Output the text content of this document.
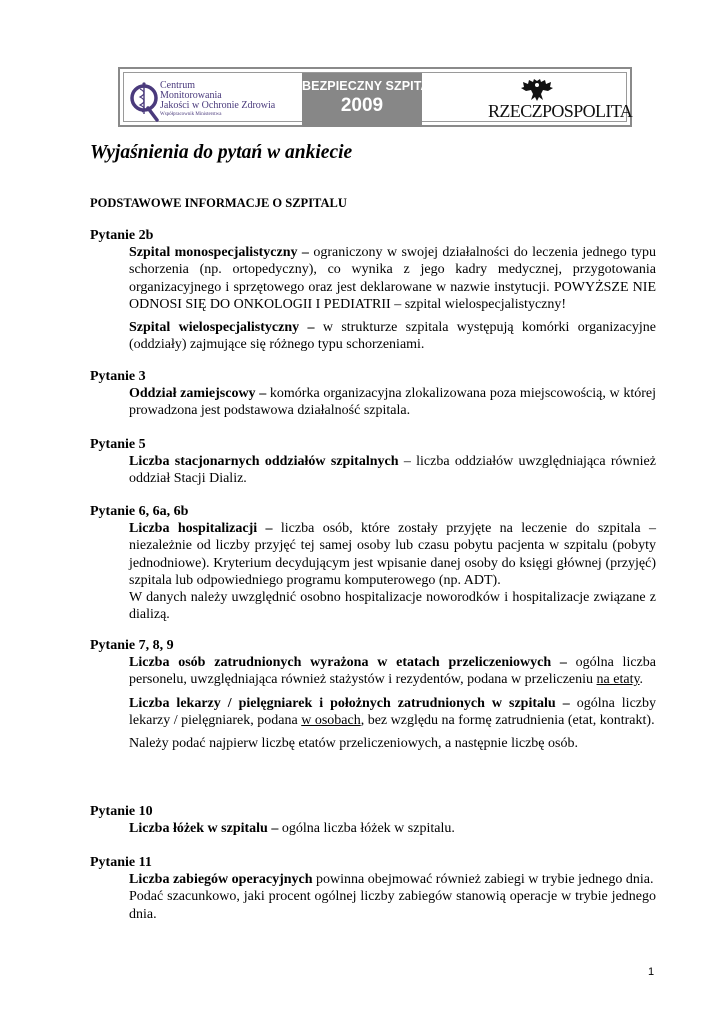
Centrum
Monitorowania
Jakości w Ochronie Zdrowia
Współpracownik Ministerstwa
BEZPIECZNY SZPITAL
2009	RZECZPOSPOLITA
Wyjaśnienia do pytań w ankiecie
PODSTAWOWE INFORMACJE O SZPITALU
Pytanie 2b

Szpital monospecjalistyczny – ograniczony w swojej działalności do leczenia jednego typu schorzenia (np. ortopedyczny), co wynika z jego kadry medycznej, przygotowania organizacyjnego i sprzętowego oraz jest deklarowane w nazwie instytucji. POWYŻSZE NIE ODNOSI SIĘ DO ONKOLOGII I PEDIATRII – szpital wielospecjalistyczny!

Szpital wielospecjalistyczny – w strukturze szpitala występują komórki organizacyjne (oddziały) zajmujące się różnego typu schorzeniami.

Pytanie 3

Oddział zamiejscowy – komórka organizacyjna zlokalizowana poza miejscowością, w której prowadzona jest podstawowa działalność szpitala.

Pytanie 5

Liczba stacjonarnych oddziałów szpitalnych – liczba oddziałów uwzględniająca również oddział Stacji Dializ.

Pytanie 6, 6a, 6b

Liczba hospitalizacji – liczba osób, które zostały przyjęte na leczenie do szpitala – niezależnie od liczby przyjęć tej samej osoby lub czasu pobytu pacjenta w szpitalu (pobyty jednodniowe). Kryterium decydującym jest wpisanie danej osoby do księgi głównej (przyjęć) szpitala lub odpowiedniego programu komputerowego (np. ADT).
W danych należy uwzględnić osobno hospitalizacje noworodków i hospitalizacje związane z dializą.

Pytanie 7, 8, 9

Liczba osób zatrudnionych wyrażona w etatach przeliczeniowych – ogólna liczba personelu, uwzględniająca również stażystów i rezydentów, podana w przeliczeniu na etaty.

Liczba lekarzy / pielęgniarek i położnych zatrudnionych w szpitalu – ogólna liczby lekarzy / pielęgniarek, podana w osobach, bez względu na formę zatrudnienia (etat, kontrakt).

Należy podać najpierw liczbę etatów przeliczeniowych, a następnie liczbę osób.

Pytanie 10

Liczba łóżek w szpitalu – ogólna liczba łóżek w szpitalu.

Pytanie 11

Liczba zabiegów operacyjnych powinna obejmować również zabiegi w trybie jednego dnia.
Podać szacunkowo, jaki procent ogólnej liczby zabiegów stanowią operacje w trybie jednego dnia.

1
